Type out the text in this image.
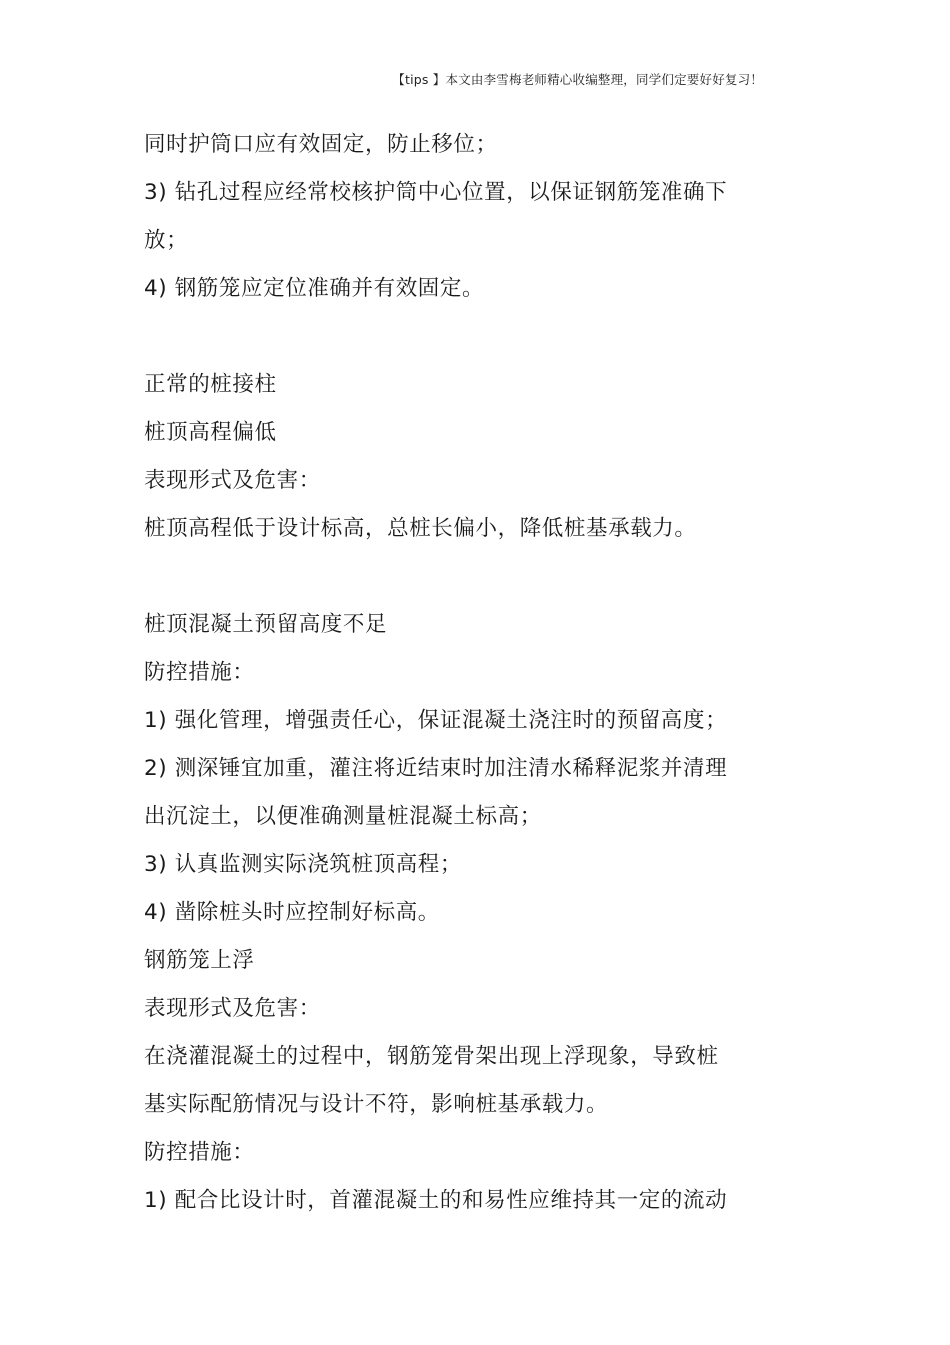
【tips 】本文由李雪梅老师精心收编整理，同学们定要好好复习！
同时护筒口应有效固定，防止移位；
3) 钻孔过程应经常校核护筒中心位置，以保证钢筋笼准确下
放；
4) 钢筋笼应定位准确并有效固定。
正常的桩接柱
桩顶高程偏低
表现形式及危害：
桩顶高程低于设计标高，总桩长偏小，降低桩基承载力。
桩顶混凝土预留高度不足
防控措施：
1) 强化管理，增强责任心，保证混凝土浇注时的预留高度；
2) 测深锤宜加重，灌注将近结束时加注清水稀释泥浆并清理
出沉淀土，以便准确测量桩混凝土标高；
3) 认真监测实际浇筑桩顶高程；
4) 凿除桩头时应控制好标高。
钢筋笼上浮
表现形式及危害：
在浇灌混凝土的过程中，钢筋笼骨架出现上浮现象，导致桩
基实际配筋情况与设计不符，影响桩基承载力。
防控措施：
1) 配合比设计时，首灌混凝土的和易性应维持其一定的流动
